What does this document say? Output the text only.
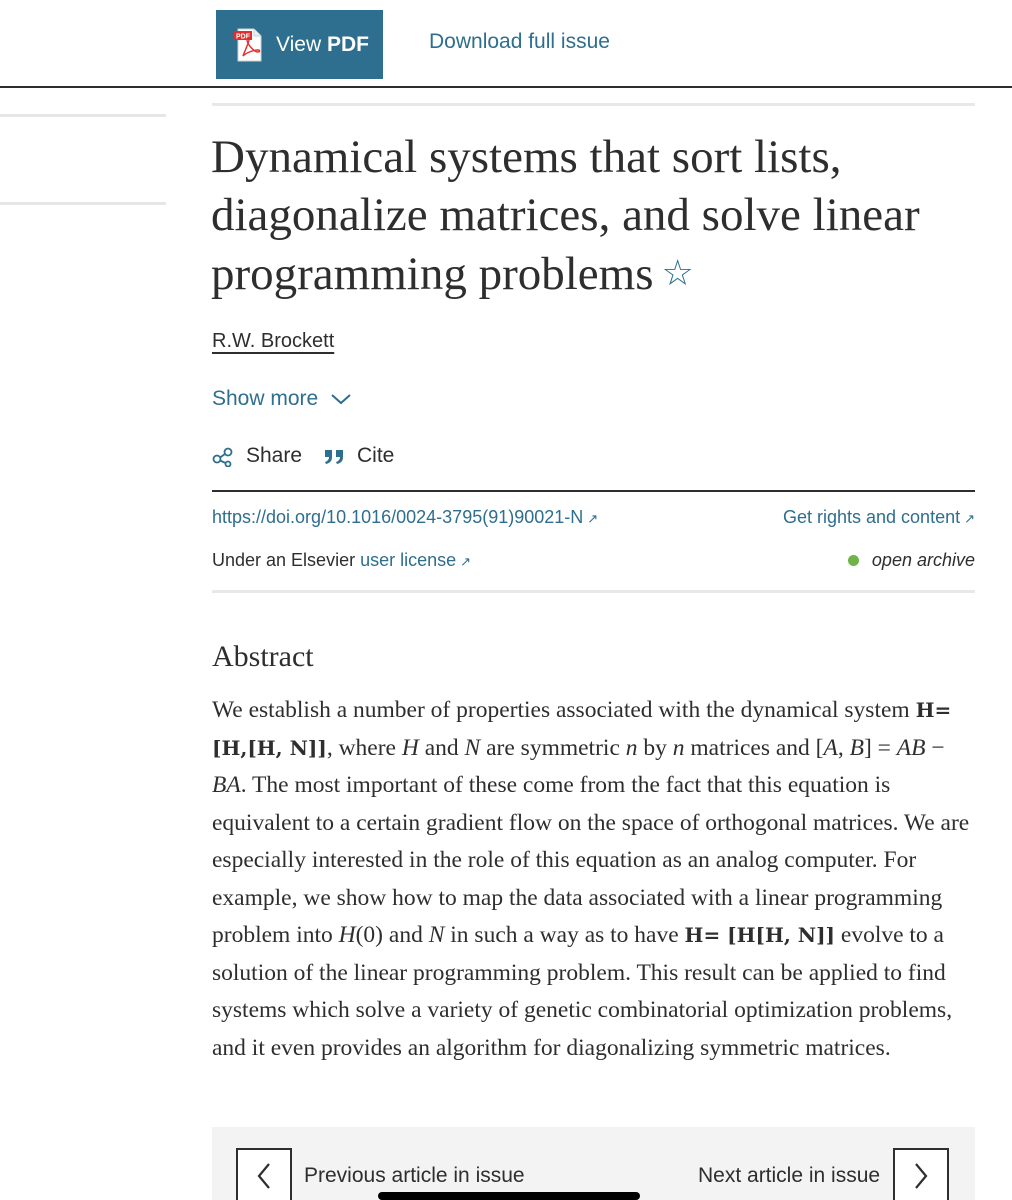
PDF View PDF	Download full issue
Dynamical systems that sort lists, diagonalize matrices, and solve linear programming problems ☆
R.W. Brockett
Show more
Share	Cite
https://doi.org/10.1016/0024-3795(91)90021-N ↗	Get rights and content ↗
Under an Elsevier user license ↗	open archive
Abstract

We establish a number of properties associated with the dynamical system H= [H,[H, N]], where H and N are symmetric n by n matrices and [A, B] = AB − BA. The most important of these come from the fact that this equation is equivalent to a certain gradient flow on the space of orthogonal matrices. We are especially interested in the role of this equation as an analog computer. For example, we show how to map the data associated with a linear programming problem into H(0) and N in such a way as to have H= [H[H, N]] evolve to a solution of the linear programming problem. This result can be applied to find systems which solve a variety of genetic combinatorial optimization problems, and it even provides an algorithm for diagonalizing symmetric matrices.

Previous article in issue	Next article in issue
